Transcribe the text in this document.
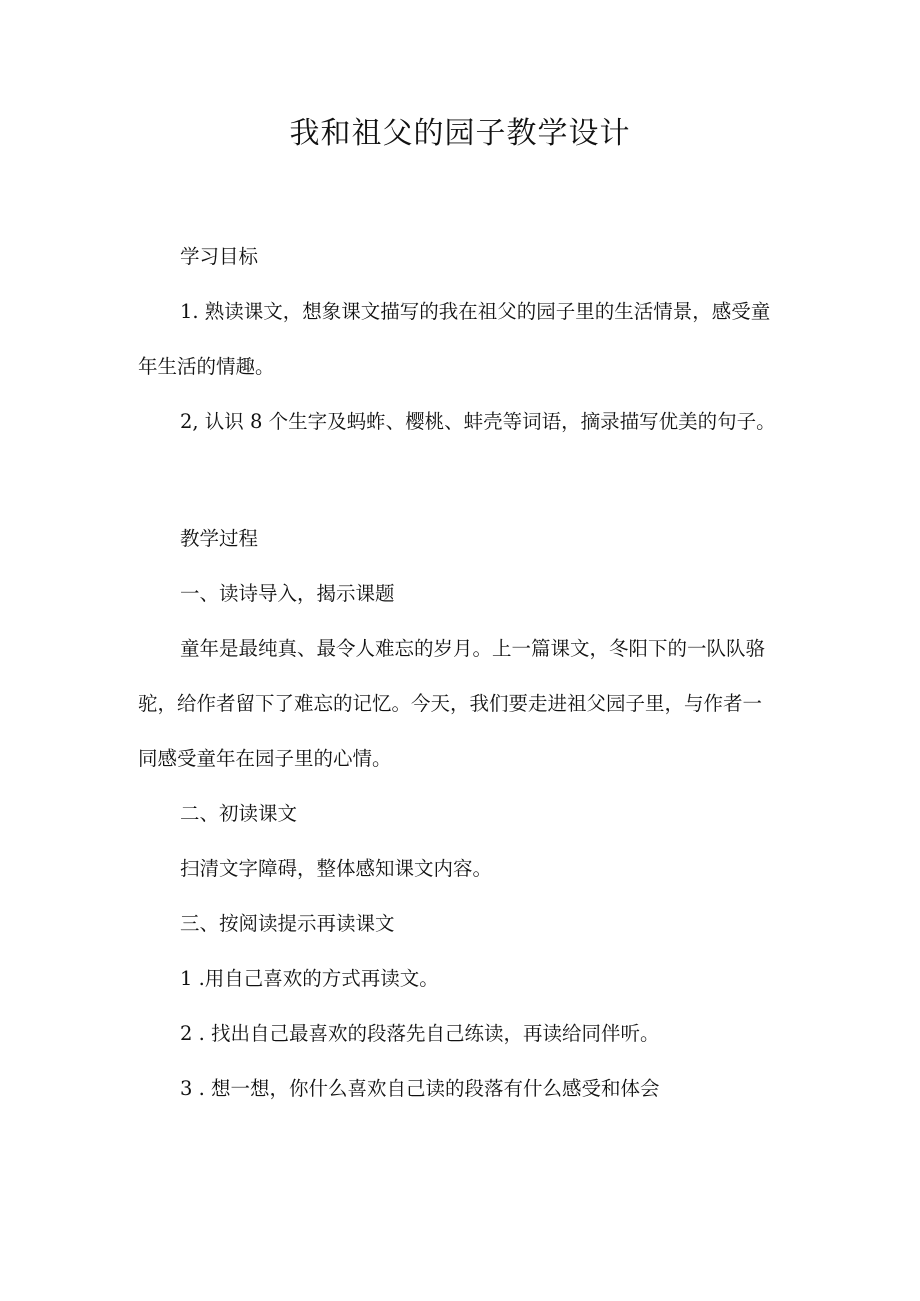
我和祖父的园子教学设计

学习目标

1. 熟读课文，想象课文描写的我在祖父的园子里的生活情景，感受童年生活的情趣。

2, 认识 8 个生字及蚂蚱、樱桃、蚌壳等词语，摘录描写优美的句子。

教学过程

一、读诗导入，揭示课题

童年是最纯真、最令人难忘的岁月。上一篇课文，冬阳下的一队队骆驼，给作者留下了难忘的记忆。今天，我们要走进祖父园子里，与作者一同感受童年在园子里的心情。

二、初读课文

扫清文字障碍，整体感知课文内容。

三、按阅读提示再读课文

1 .用自己喜欢的方式再读文。

2 . 找出自己最喜欢的段落先自己练读，再读给同伴听。

3 . 想一想，你什么喜欢自己读的段落有什么感受和体会
